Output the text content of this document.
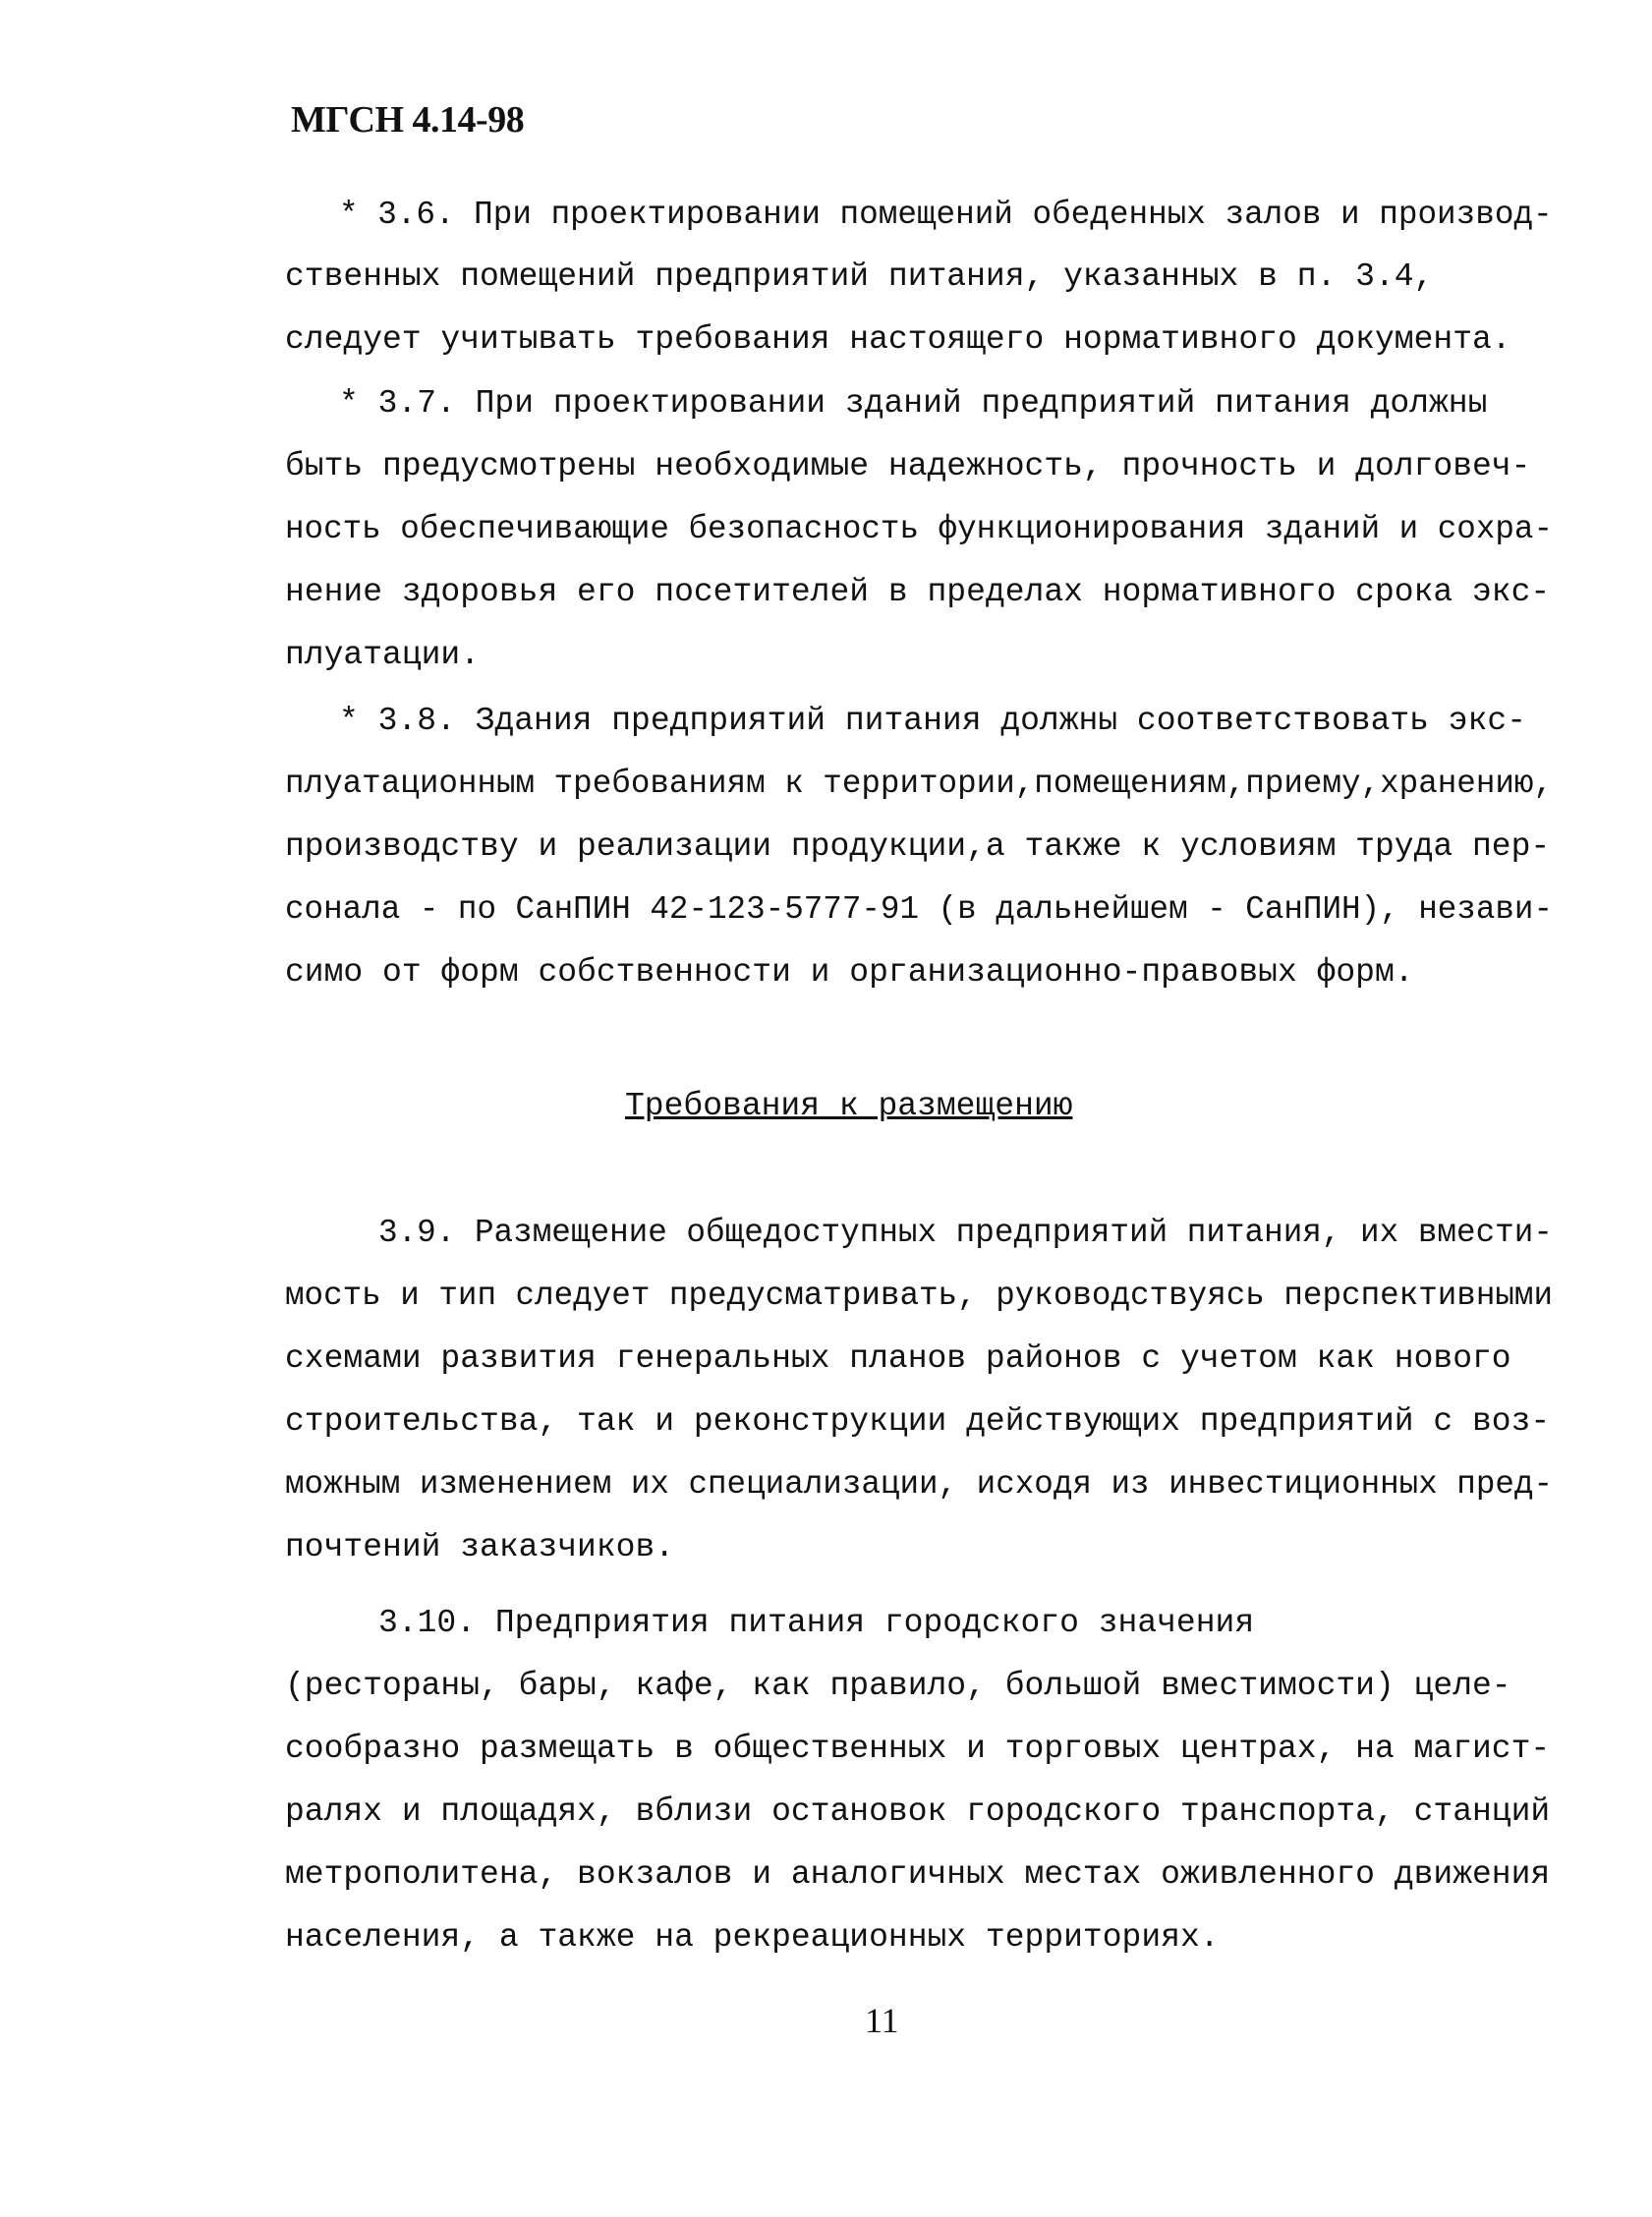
МГСН 4.14-98
* 3.6. При проектировании помещений обеденных залов и производ-
ственных помещений предприятий питания, указанных в п. 3.4,
следует учитывать требования настоящего нормативного документа.
* 3.7. При проектировании зданий предприятий питания должны
быть предусмотрены необходимые надежность, прочность и долговеч-
ность обеспечивающие безопасность функционирования зданий и сохра-
нение здоровья его посетителей в пределах нормативного срока экс-
плуатации.
* 3.8. Здания предприятий питания должны соответствовать экс-
плуатационным требованиям к территории,помещениям,приему,хранению,
производству и реализации продукции,а также к условиям труда пер-
сонала - по СанПИН 42-123-5777-91 (в дальнейшем - СанПИН), незави-
симо от форм собственности и организационно-правовых форм.
Требования к размещению
3.9. Размещение общедоступных предприятий питания, их вмести-
мость и тип следует предусматривать, руководствуясь перспективными
схемами развития генеральных планов районов с учетом как нового
строительства, так и реконструкции действующих предприятий с воз-
можным изменением их специализации, исходя из инвестиционных пред-
почтений заказчиков.
3.10. Предприятия питания городского значения
(рестораны, бары, кафе, как правило, большой вместимости) целе-
сообразно размещать в общественных и торговых центрах, на магист-
ралях и площадях, вблизи остановок городского транспорта, станций
метрополитена, вокзалов и аналогичных местах оживленного движения
населения, а также на рекреационных территориях.
11
